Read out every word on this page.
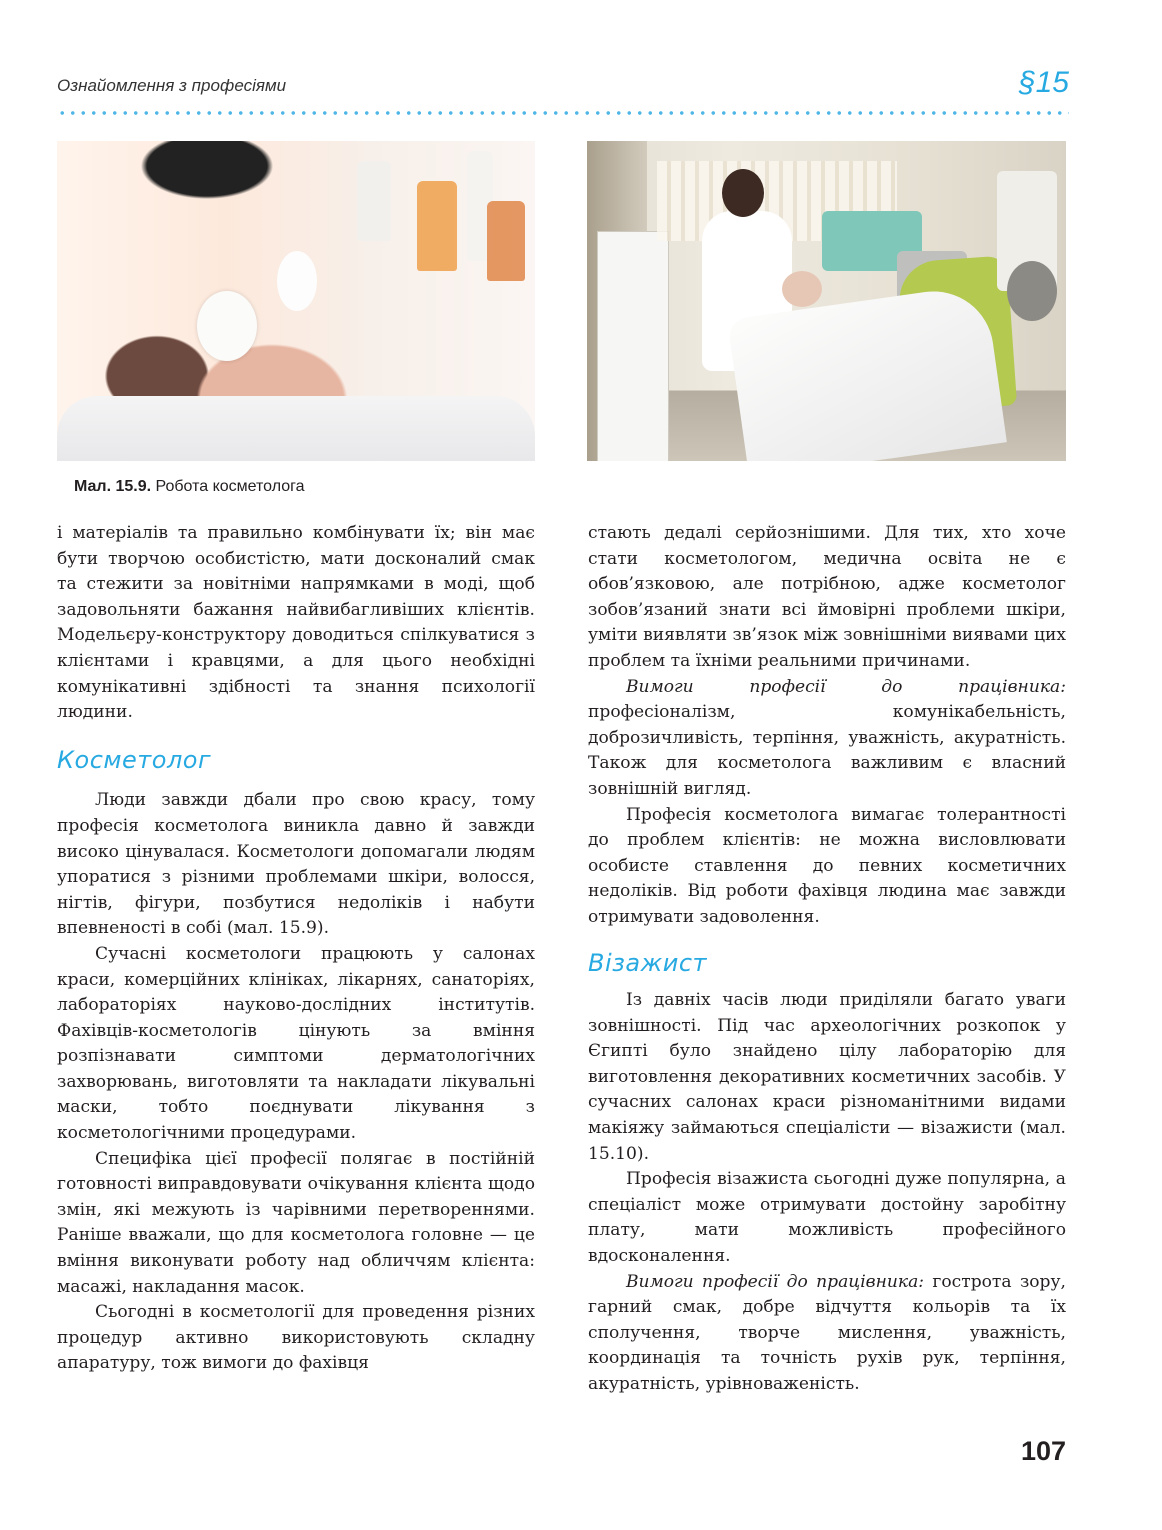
Ознайомлення з професіями	§15
Мал. 15.9. Робота косметолога

і матеріалів та правильно комбінувати їх; він має бути творчою особистістю, мати досконалий смак та стежити за новітніми напрямками в моді, щоб задовольняти бажання найвибагливіших клієнтів. Модельєру-конструктору доводиться спілкуватися з клієнтами і кравцями, а для цього необхідні комунікативні здібності та знання психології людини.

Косметолог

Люди завжди дбали про свою красу, тому професія косметолога виникла давно й завжди високо цінувалася. Косметологи допомагали людям упоратися з різними проблемами шкіри, волосся, нігтів, фігури, позбутися недоліків і набути впевненості в собі (мал. 15.9).

Сучасні косметологи працюють у салонах краси, комерційних клініках, лікарнях, санаторіях, лабораторіях науково-дослідних інститутів. Фахівців-косметологів цінують за вміння розпізнавати симптоми дерматологічних захворювань, виготовляти та накладати лікувальні маски, тобто поєднувати лікування з косметологічними процедурами.

Специфіка цієї професії полягає в постійній готовності виправдовувати очікування клієнта щодо змін, які межують із чарівними перетвореннями. Раніше вважали, що для косметолога головне — це вміння виконувати роботу над обличчям клієнта: масажі, накладання масок.

Сьогодні в косметології для проведення різних процедур активно використовують складну апаратуру, тож вимоги до фахівця

стають дедалі серйознішими. Для тих, хто хоче стати косметологом, медична освіта не є обов’язковою, але потрібною, адже косметолог зобов’язаний знати всі ймовірні проблеми шкіри, уміти виявляти зв’язок між зовнішніми виявами цих проблем та їхніми реальними причинами.

Вимоги професії до працівника: професіоналізм, комунікабельність, доброзичливість, терпіння, уважність, акуратність. Також для косметолога важливим є власний зовнішній вигляд.

Професія косметолога вимагає толерантності до проблем клієнтів: не можна висловлювати особисте ставлення до певних косметичних недоліків. Від роботи фахівця людина має завжди отримувати задоволення.

Візажист

Із давніх часів люди приділяли багато уваги зовнішності. Під час археологічних розкопок у Єгипті було знайдено цілу лабораторію для виготовлення декоративних косметичних засобів. У сучасних салонах краси різноманітними видами макіяжу займаються спеціалісти — візажисти (мал. 15.10).

Професія візажиста сьогодні дуже популярна, а спеціаліст може отримувати достойну заробітну плату, мати можливість професійного вдосконалення.

Вимоги професії до працівника: гострота зору, гарний смак, добре відчуття кольорів та їх сполучення, творче мислення, уважність, координація та точність рухів рук, терпіння, акуратність, урівноваженість.

107
